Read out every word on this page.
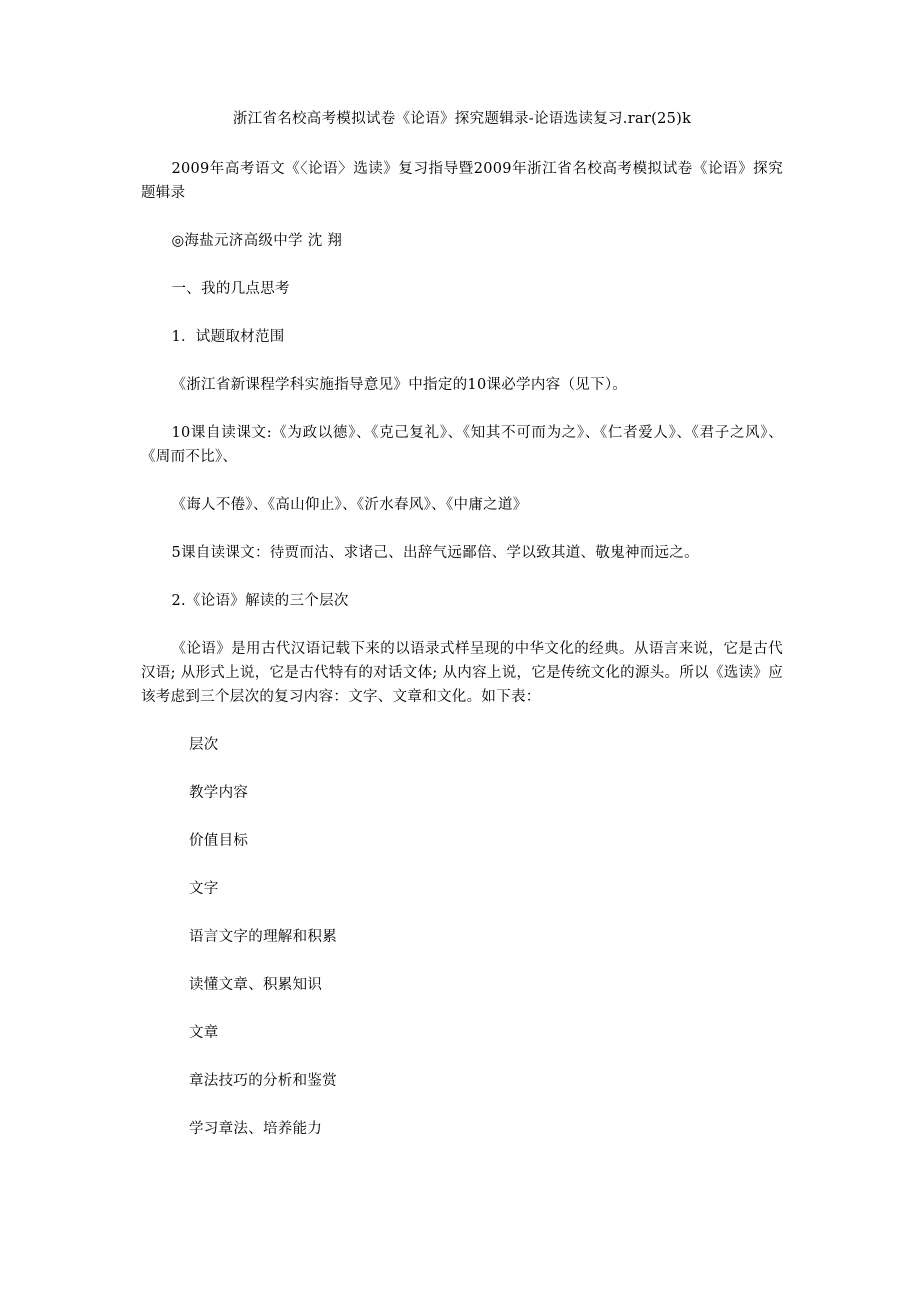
浙江省名校高考模拟试卷《论语》探究题辑录-论语选读复习.rar(25)k

2009年高考语文《〈论语〉选读》复习指导暨2009年浙江省名校高考模拟试卷《论语》探究题辑录

◎海盐元济高级中学 沈 翔

一、我的几点思考

1．试题取材范围

《浙江省新课程学科实施指导意见》中指定的10课必学内容（见下）。

10课自读课文:《为政以德》、《克己复礼》、《知其不可而为之》、《仁者爱人》、《君子之风》、《周而不比》、

《诲人不倦》、《高山仰止》、《沂水春风》、《中庸之道》

5课自读课文：待贾而沽、求诸己、出辞气远鄙倍、学以致其道、敬鬼神而远之。

2.《论语》解读的三个层次

《论语》是用古代汉语记载下来的以语录式样呈现的中华文化的经典。从语言来说，它是古代汉语; 从形式上说，它是古代特有的对话文体; 从内容上说，它是传统文化的源头。所以《选读》应该考虑到三个层次的复习内容：文字、文章和文化。如下表：

层次
教学内容
价值目标
文字
语言文字的理解和积累
读懂文章、积累知识
文章
章法技巧的分析和鉴赏
学习章法、培养能力
